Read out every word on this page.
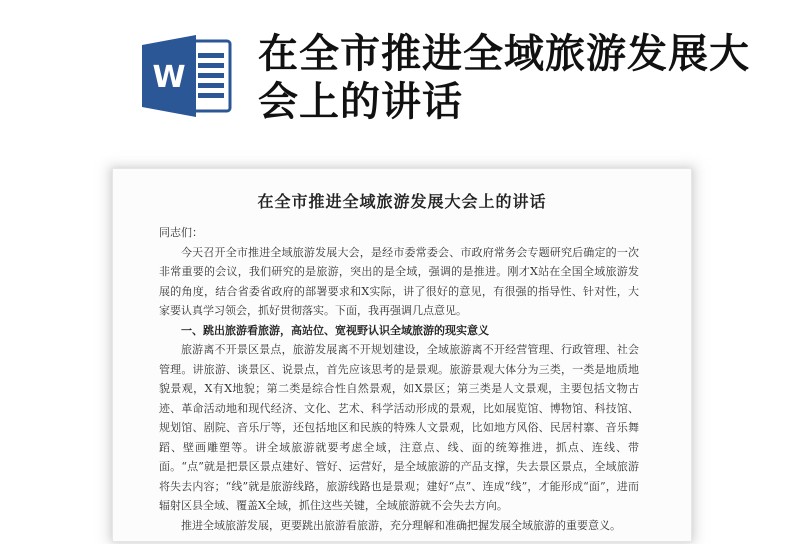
W
在全市推进全域旅游发展大会上的讲话
在全市推进全域旅游发展大会上的讲话

同志们：

今天召开全市推进全域旅游发展大会，是经市委常委会、市政府常务会专题研究后确定的一次非常重要的会议，我们研究的是旅游，突出的是全域，强调的是推进。刚才X站在全国全域旅游发展的角度，结合省委省政府的部署要求和X实际，讲了很好的意见，有很强的指导性、针对性，大家要认真学习领会，抓好贯彻落实。下面，我再强调几点意见。

一、跳出旅游看旅游，高站位、宽视野认识全域旅游的现实意义

旅游离不开景区景点，旅游发展离不开规划建设，全域旅游离不开经营管理、行政管理、社会管理。讲旅游、谈景区、说景点，首先应该思考的是景观。旅游景观大体分为三类，一类是地质地貌景观，X有X地貌；第二类是综合性自然景观，如X景区；第三类是人文景观，主要包括文物古迹、革命活动地和现代经济、文化、艺术、科学活动形成的景观，比如展览馆、博物馆、科技馆、规划馆、剧院、音乐厅等，还包括地区和民族的特殊人文景观，比如地方风俗、民居村寨、音乐舞蹈、壁画雕塑等。讲全域旅游就要考虑全域，注意点、线、面的统筹推进，抓点、连线、带面。“点”就是把景区景点建好、管好、运营好，是全域旅游的产品支撑，失去景区景点，全域旅游将失去内容；“线”就是旅游线路，旅游线路也是景观；建好“点”、连成“线”，才能形成“面”，进而辐射区县全域、覆盖X全域，抓住这些关键，全域旅游就不会失去方向。

推进全域旅游发展，更要跳出旅游看旅游，充分理解和准确把握发展全域旅游的重要意义。
